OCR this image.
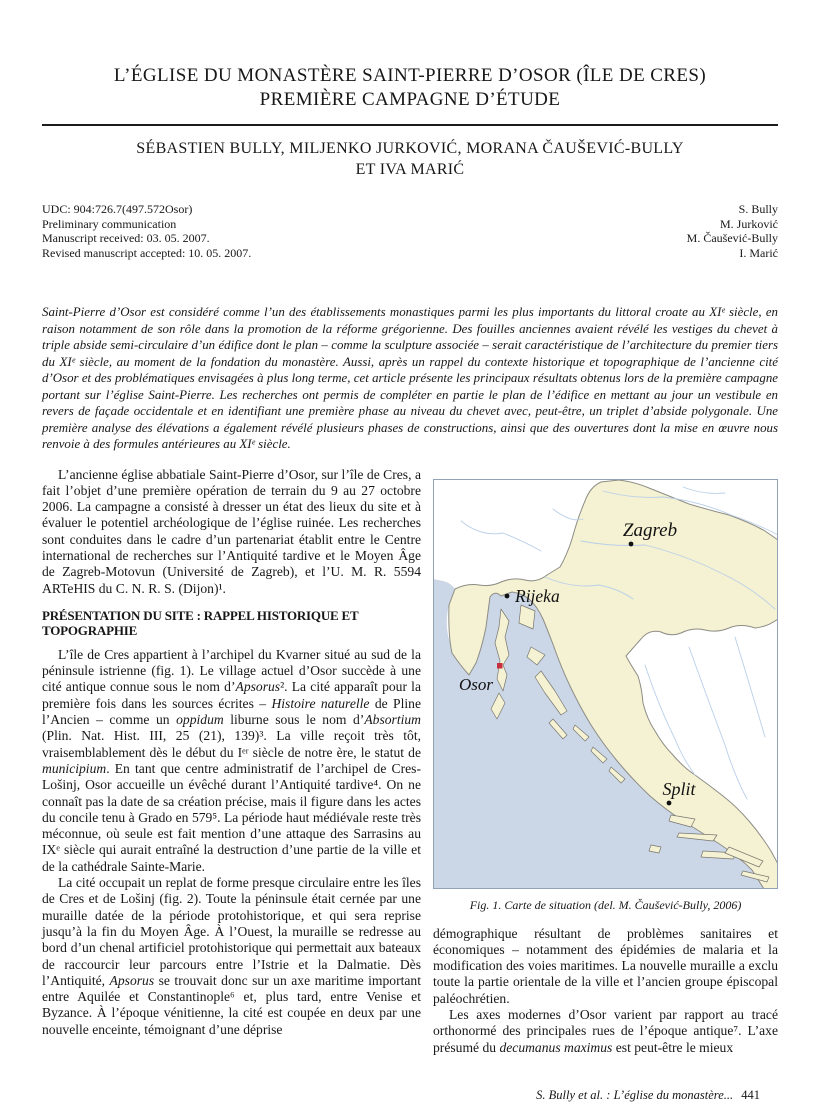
L’ÉGLISE DU MONASTÈRE SAINT-PIERRE D’OSOR (ÎLE DE CRES)
PREMIÈRE CAMPAGNE D’ÉTUDE
SÉBASTIEN BULLY, MILJENKO JURKOVIĆ, MORANA ČAUŠEVIĆ-BULLY
ET IVA MARIĆ
UDC: 904:726.7(497.572Osor)
Preliminary communication
Manuscript received: 03. 05. 2007.
Revised manuscript accepted: 10. 05. 2007.
S. Bully
M. Jurković
M. Čaušević-Bully
I. Marić
Saint-Pierre d’Osor est considéré comme l’un des établissements monastiques parmi les plus importants du littoral croate au XIᵉ siècle, en raison notamment de son rôle dans la promotion de la réforme grégorienne. Des fouilles anciennes avaient révélé les vestiges du chevet à triple abside semi-circulaire d’un édifice dont le plan – comme la sculpture associée – serait caractéristique de l’architecture du premier tiers du XIᵉ siècle, au moment de la fondation du monastère. Aussi, après un rappel du contexte historique et topographique de l’ancienne cité d’Osor et des problématiques envisagées à plus long terme, cet article présente les principaux résultats obtenus lors de la première campagne portant sur l’église Saint-Pierre. Les recherches ont permis de compléter en partie le plan de l’édifice en mettant au jour un vestibule en revers de façade occidentale et en identifiant une première phase au niveau du chevet avec, peut-être, un triplet d’abside polygonale. Une première analyse des élévations a également révélé plusieurs phases de constructions, ainsi que des ouvertures dont la mise en œuvre nous renvoie à des formules antérieures au XIᵉ siècle.

L’ancienne église abbatiale Saint-Pierre d’Osor, sur l’île de Cres, a fait l’objet d’une première opération de terrain du 9 au 27 octobre 2006. La campagne a consisté à dresser un état des lieux du site et à évaluer le potentiel archéologique de l’église ruinée. Les recherches sont conduites dans le cadre d’un partenariat établit entre le Centre international de recherches sur l’Antiquité tardive et le Moyen Âge de Zagreb-Motovun (Université de Zagreb), et l’U. M. R. 5594 ARTeHIS du C. N. R. S. (Dijon)¹.

PRÉSENTATION DU SITE : RAPPEL HISTORIQUE ET TOPOGRAPHIE

L’île de Cres appartient à l’archipel du Kvarner situé au sud de la péninsule istrienne (fig. 1). Le village actuel d’Osor succède à une cité antique connue sous le nom d’Apsorus². La cité apparaît pour la première fois dans les sources écrites – Histoire naturelle de Pline l’Ancien – comme un oppidum liburne sous le nom d’Absortium (Plin. Nat. Hist. III, 25 (21), 139)³. La ville reçoit très tôt, vraisemblablement dès le début du Iᵉʳ siècle de notre ère, le statut de municipium. En tant que centre administratif de l’archipel de Cres-Lošinj, Osor accueille un évêché durant l’Antiquité tardive⁴. On ne connaît pas la date de sa création précise, mais il figure dans les actes du concile tenu à Grado en 579⁵. La période haut médiévale reste très méconnue, où seule est fait mention d’une attaque des Sarrasins au IXᵉ siècle qui aurait entraîné la destruction d’une partie de la ville et de la cathédrale Sainte-Marie.

La cité occupait un replat de forme presque circulaire entre les îles de Cres et de Lošinj (fig. 2). Toute la péninsule était cernée par une muraille datée de la période protohistorique, et qui sera reprise jusqu’à la fin du Moyen Âge. À l’Ouest, la muraille se redresse au bord d’un chenal artificiel protohistorique qui permettait aux bateaux de raccourcir leur parcours entre l’Istrie et la Dalmatie. Dès l’Antiquité, Apsorus se trouvait donc sur un axe maritime important entre Aquilée et Constantinople⁶ et, plus tard, entre Venise et Byzance. À l’époque vénitienne, la cité est coupée en deux par une nouvelle enceinte, témoignant d’une déprise

Zagreb
Rijeka
Osor
Split
Fig. 1. Carte de situation (del. M. Čaušević-Bully, 2006)

démographique résultant de problèmes sanitaires et économiques – notamment des épidémies de malaria et la modification des voies maritimes. La nouvelle muraille a exclu toute la partie orientale de la ville et l’ancien groupe épiscopal paléochrétien.

Les axes modernes d’Osor varient par rapport au tracé orthonormé des principales rues de l’époque antique⁷. L’axe présumé du decumanus maximus est peut-être le mieux

S. Bully et al. : L’église du monastère... 441
